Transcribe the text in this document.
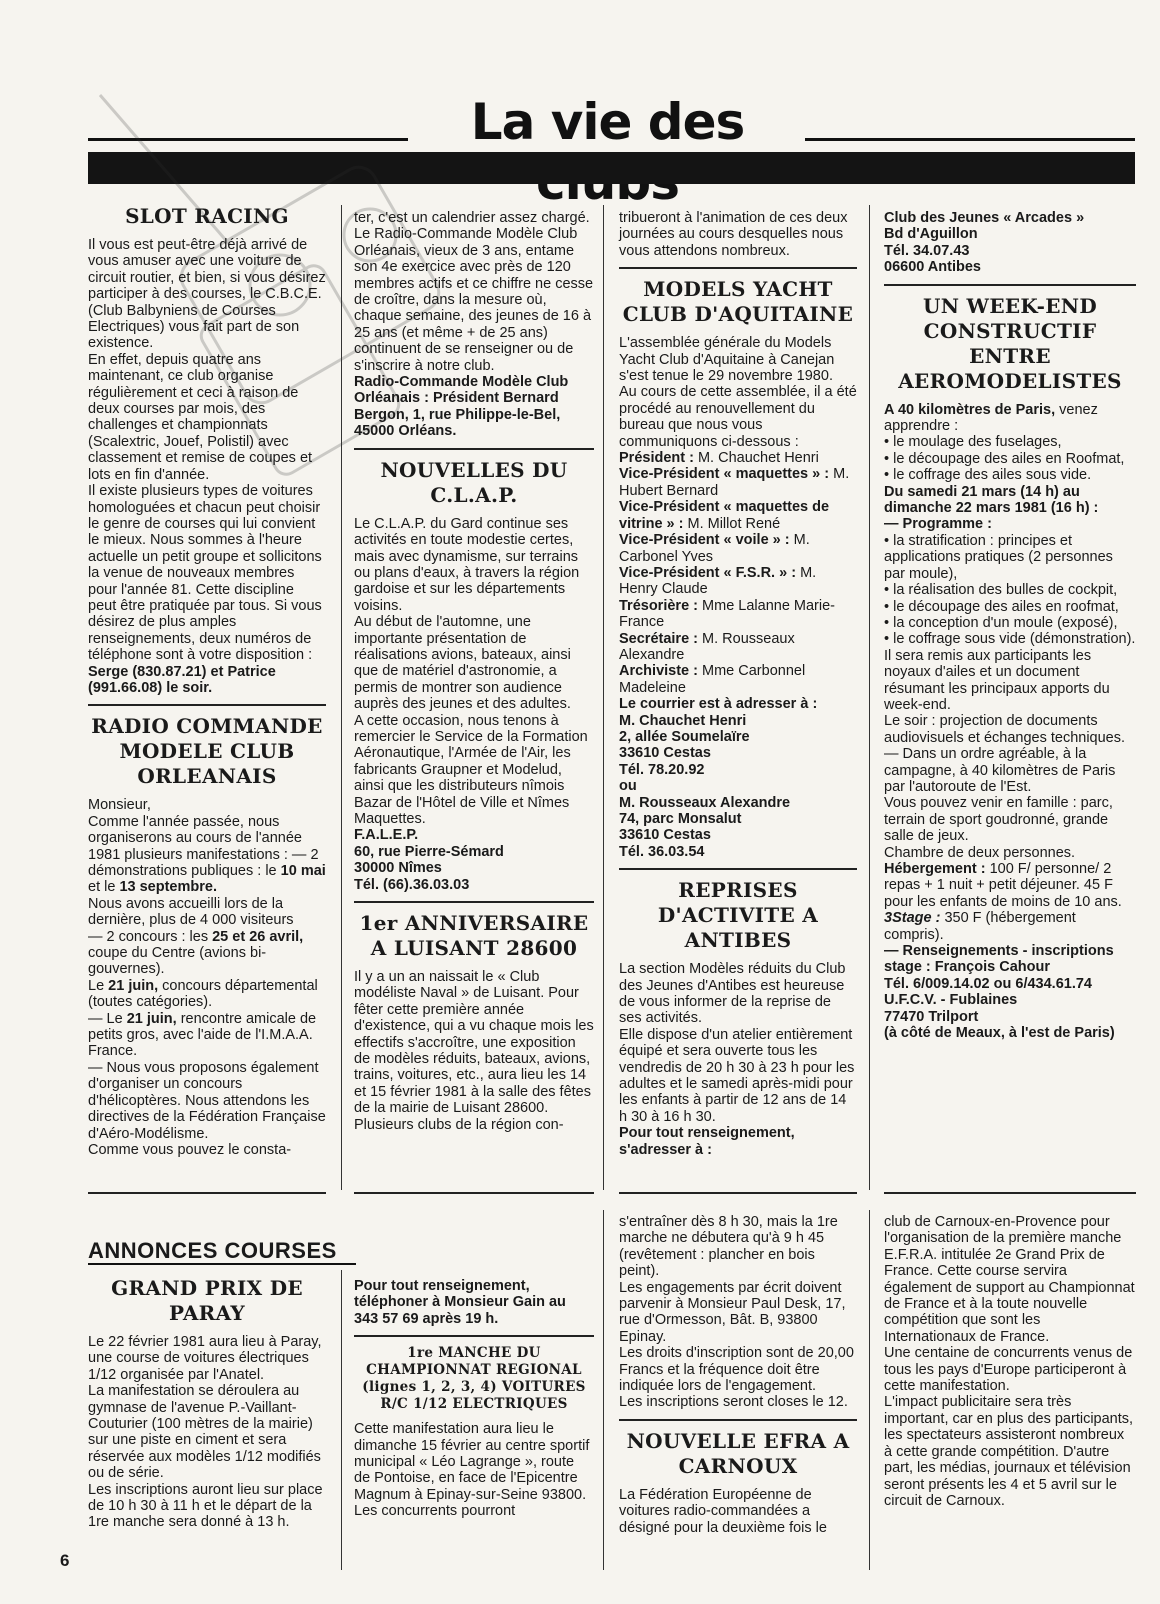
La vie des
SLOT RACING

Il vous est peut-être déjà arrivé de vous amuser avec une voiture de circuit routier, et bien, si vous désirez participer à des courses, le C.B.C.E. (Club Balbyniens de Courses Electriques) vous fait part de son existence.

En effet, depuis quatre ans maintenant, ce club organise régulièrement et ceci à raison de deux courses par mois, des challenges et championnats (Scalextric, Jouef, Polistil) avec classement et remise de coupes et lots en fin d'année.

Il existe plusieurs types de voitures homologuées et chacun peut choisir le genre de courses qui lui convient le mieux. Nous sommes à l'heure actuelle un petit groupe et sollicitons la venue de nouveaux membres pour l'année 81. Cette discipline peut être pratiquée par tous. Si vous désirez de plus amples renseignements, deux numéros de téléphone sont à votre disposition : Serge (830.87.21) et Patrice (991.66.08) le soir.

RADIO COMMANDE MODELE CLUB ORLEANAIS

Monsieur,

Comme l'année passée, nous organiserons au cours de l'année 1981 plusieurs manifestations : — 2 démonstrations publiques : le 10 mai et le 13 septembre.

Nous avons accueilli lors de la dernière, plus de 4 000 visiteurs

— 2 concours : les 25 et 26 avril, coupe du Centre (avions bi-gouvernes).

Le 21 juin, concours départemental (toutes catégories).

— Le 21 juin, rencontre amicale de petits gros, avec l'aide de l'I.M.A.A. France.

— Nous vous proposons également d'organiser un concours d'hélicoptères. Nous attendons les directives de la Fédération Française d'Aéro-Modélisme.

Comme vous pouvez le consta-

ter, c'est un calendrier assez chargé.

Le Radio-Commande Modèle Club Orléanais, vieux de 3 ans, entame son 4e exercice avec près de 120 membres actifs et ce chiffre ne cesse de croître, dans la mesure où, chaque semaine, des jeunes de 16 à 25 ans (et même + de 25 ans) continuent de se renseigner ou de s'inscrire à notre club.

Radio-Commande Modèle Club Orléanais : Président Bernard Bergon, 1, rue Philippe-le-Bel, 45000 Orléans.

NOUVELLES DU C.L.A.P.

Le C.L.A.P. du Gard continue ses activités en toute modestie certes, mais avec dynamisme, sur terrains ou plans d'eaux, à travers la région gardoise et sur les départements voisins.

Au début de l'automne, une importante présentation de réalisations avions, bateaux, ainsi que de matériel d'astronomie, a permis de montrer son audience auprès des jeunes et des adultes.

A cette occasion, nous tenons à remercier le Service de la Formation Aéronautique, l'Armée de l'Air, les fabricants Graupner et Modelud, ainsi que les distributeurs nîmois Bazar de l'Hôtel de Ville et Nîmes Maquettes.

F.A.L.E.P.

60, rue Pierre-Sémard

30000 Nîmes

Tél. (66).36.03.03

1er ANNIVERSAIRE A LUISANT 28600

Il y a un an naissait le « Club modéliste Naval » de Luisant. Pour fêter cette première année d'existence, qui a vu chaque mois les effectifs s'accroître, une exposition de modèles réduits, bateaux, avions, trains, voitures, etc., aura lieu les 14 et 15 février 1981 à la salle des fêtes de la mairie de Luisant 28600.

Plusieurs clubs de la région con-

tribueront à l'animation de ces deux journées au cours desquelles nous vous attendons nombreux.

MODELS YACHT CLUB D'AQUITAINE

L'assemblée générale du Models Yacht Club d'Aquitaine à Canejan s'est tenue le 29 novembre 1980.

Au cours de cette assemblée, il a été procédé au renouvellement du bureau que nous vous communiquons ci-dessous :

Président : M. Chauchet Henri

Vice-Président « maquettes » : M. Hubert Bernard

Vice-Président « maquettes de vitrine » : M. Millot René

Vice-Président « voile » : M. Carbonel Yves

Vice-Président « F.S.R. » : M. Henry Claude

Trésorière : Mme Lalanne Marie-France

Secrétaire : M. Rousseaux Alexandre

Archiviste : Mme Carbonnel Madeleine

Le courrier est à adresser à :

M. Chauchet Henri

2, allée Soumelaïre

33610 Cestas

Tél. 78.20.92

ou

M. Rousseaux Alexandre

74, parc Monsalut

33610 Cestas

Tél. 36.03.54

REPRISES D'ACTIVITE A ANTIBES

La section Modèles réduits du Club des Jeunes d'Antibes est heureuse de vous informer de la reprise de ses activités.

Elle dispose d'un atelier entièrement équipé et sera ouverte tous les vendredis de 20 h 30 à 23 h pour les adultes et le samedi après-midi pour les enfants à partir de 12 ans de 14 h 30 à 16 h 30.

Pour tout renseignement, s'adresser à :

Club des Jeunes « Arcades »

Bd d'Aguillon

Tél. 34.07.43

06600 Antibes

UN WEEK-END CONSTRUCTIF ENTRE AEROMODELISTES

A 40 kilomètres de Paris, venez apprendre :

• le moulage des fuselages,

• le découpage des ailes en Roofmat,

• le coffrage des ailes sous vide.

Du samedi 21 mars (14 h) au dimanche 22 mars 1981 (16 h) :

— Programme :

• la stratification : principes et applications pratiques (2 personnes par moule),

• la réalisation des bulles de cockpit,

• le découpage des ailes en roofmat,

• la conception d'un moule (exposé),

• le coffrage sous vide (démonstration).

Il sera remis aux participants les noyaux d'ailes et un document résumant les principaux apports du week-end.

Le soir : projection de documents audiovisuels et échanges techniques.

— Dans un ordre agréable, à la campagne, à 40 kilomètres de Paris par l'autoroute de l'Est.

Vous pouvez venir en famille : parc, terrain de sport goudronné, grande salle de jeux.

Chambre de deux personnes.

Hébergement : 100 F/ personne/ 2 repas + 1 nuit + petit déjeuner. 45 F pour les enfants de moins de 10 ans.

3Stage : 350 F (hébergement compris).

— Renseignements - inscriptions stage : François Cahour

Tél. 6/009.14.02 ou 6/434.61.74

U.F.C.V. - Fublaines

77470 Trilport

(à côté de Meaux, à l'est de Paris)

ANNONCES COURSES
GRAND PRIX DE PARAY

Le 22 février 1981 aura lieu à Paray, une course de voitures électriques 1/12 organisée par l'Anatel.

La manifestation se déroulera au gymnase de l'avenue P.-Vaillant-Couturier (100 mètres de la mairie) sur une piste en ciment et sera réservée aux modèles 1/12 modifiés ou de série.

Les inscriptions auront lieu sur place de 10 h 30 à 11 h et le départ de la 1re manche sera donné à 13 h.

Pour tout renseignement, téléphoner à Monsieur Gain au 343 57 69 après 19 h.

1re MANCHE DU CHAMPIONNAT REGIONAL (lignes 1, 2, 3, 4) VOITURES R/C 1/12 ELECTRIQUES

Cette manifestation aura lieu le dimanche 15 février au centre sportif municipal « Léo Lagrange », route de Pontoise, en face de l'Epicentre Magnum à Epinay-sur-Seine 93800.

Les concurrents pourront

s'entraîner dès 8 h 30, mais la 1re marche ne débutera qu'à 9 h 45 (revêtement : plancher en bois peint).

Les engagements par écrit doivent parvenir à Monsieur Paul Desk, 17, rue d'Ormesson, Bât. B, 93800 Epinay.

Les droits d'inscription sont de 20,00 Francs et la fréquence doit être indiquée lors de l'engagement.

Les inscriptions seront closes le 12.

NOUVELLE EFRA A CARNOUX

La Fédération Européenne de voitures radio-commandées a désigné pour la deuxième fois le

club de Carnoux-en-Provence pour l'organisation de la première manche E.F.R.A. intitulée 2e Grand Prix de France. Cette course servira également de support au Championnat de France et à la toute nouvelle compétition que sont les Internationaux de France.

Une centaine de concurrents venus de tous les pays d'Europe participeront à cette manifestation.

L'impact publicitaire sera très important, car en plus des participants, les spectateurs assisteront nombreux à cette grande compétition. D'autre part, les médias, journaux et télévision seront présents les 4 et 5 avril sur le circuit de Carnoux.

6
